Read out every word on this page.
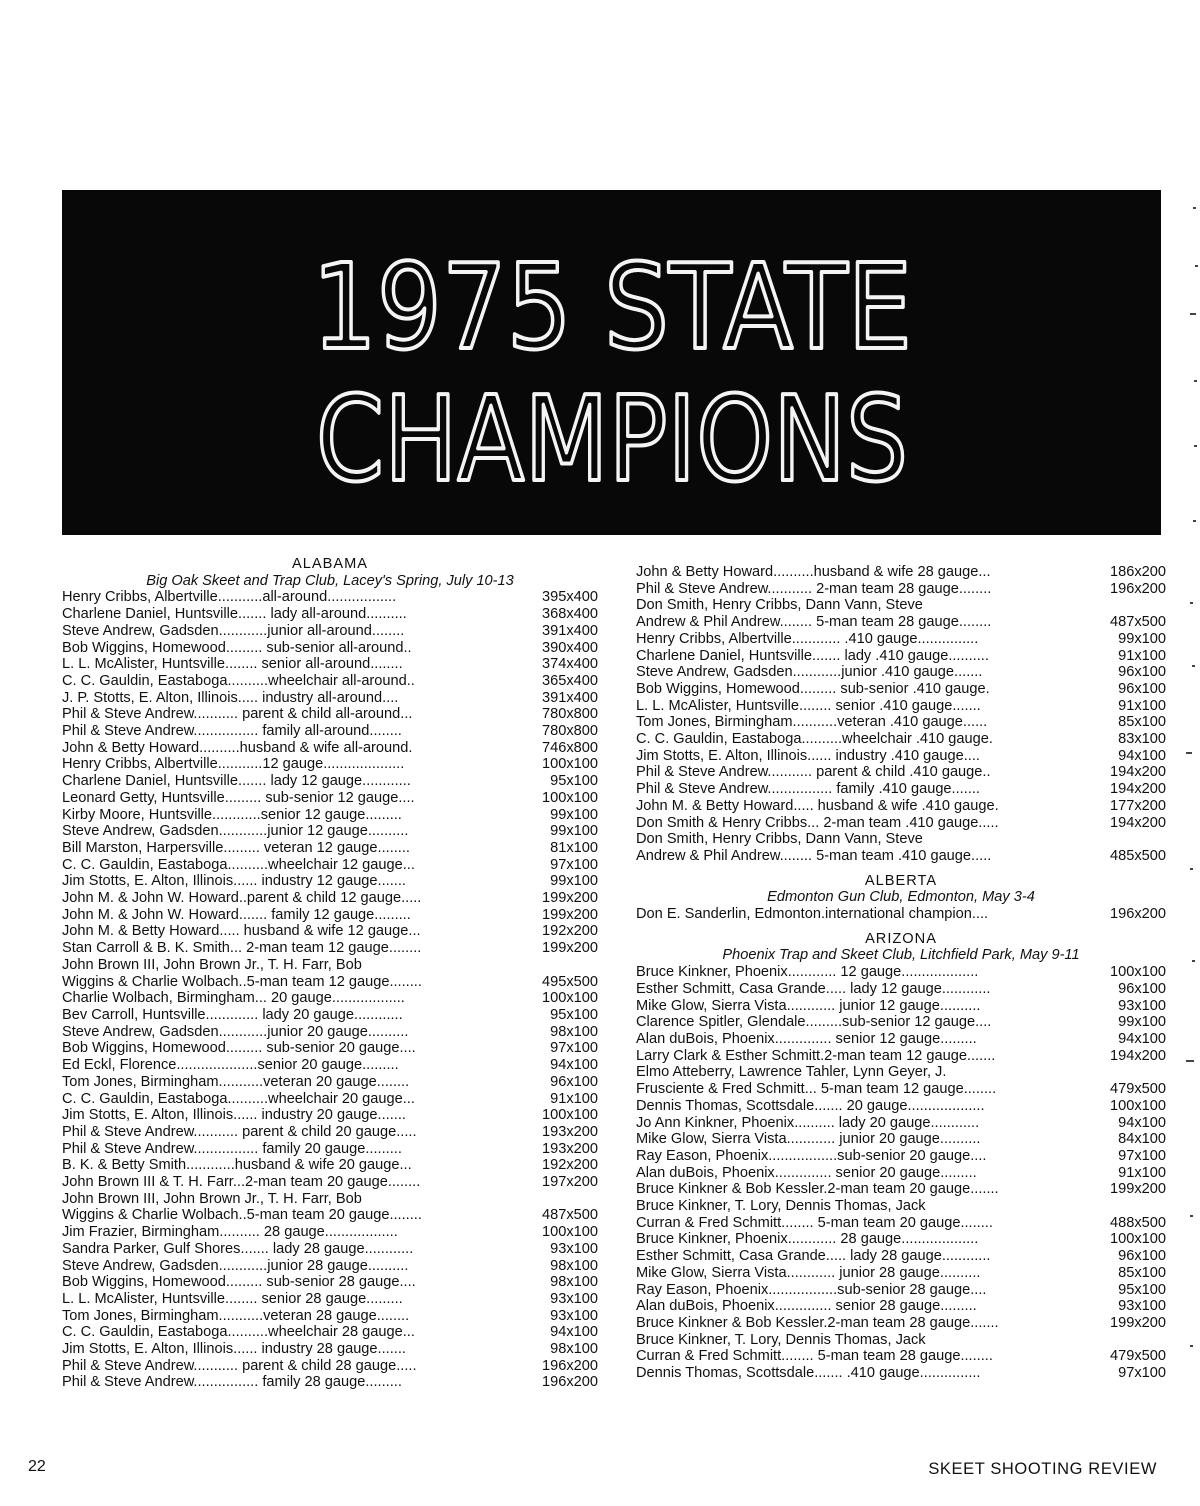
1975 STATE
CHAMPIONS
ALABAMA
Big Oak Skeet and Trap Club, Lacey's Spring, July 10-13
Henry Cribbs, Albertville...........all-around.................	395x400
Charlene Daniel, Huntsville....... lady all-around..........	368x400
Steve Andrew, Gadsden............junior all-around........	391x400
Bob Wiggins, Homewood......... sub-senior all-around..	390x400
L. L. McAlister, Huntsville........ senior all-around........	374x400
C. C. Gauldin, Eastaboga..........wheelchair all-around..	365x400
J. P. Stotts, E. Alton, Illinois..... industry all-around....	391x400
Phil & Steve Andrew........... parent & child all-around...	780x800
Phil & Steve Andrew................ family all-around........	780x800
John & Betty Howard..........husband & wife all-around.	746x800
Henry Cribbs, Albertville...........12 gauge....................	100x100
Charlene Daniel, Huntsville....... lady 12 gauge............	95x100
Leonard Getty, Huntsville......... sub-senior 12 gauge....	100x100
Kirby Moore, Huntsville............senior 12 gauge.........	99x100
Steve Andrew, Gadsden............junior 12 gauge..........	99x100
Bill Marston, Harpersville......... veteran 12 gauge........	81x100
C. C. Gauldin, Eastaboga..........wheelchair 12 gauge...	97x100
Jim Stotts, E. Alton, Illinois...... industry 12 gauge.......	99x100
John M. & John W. Howard..parent & child 12 gauge.....	199x200
John M. & John W. Howard....... family 12 gauge.........	199x200
John M. & Betty Howard..... husband & wife 12 gauge...	192x200
Stan Carroll & B. K. Smith... 2-man team 12 gauge........	199x200
John Brown III, John Brown Jr., T. H. Farr, Bob
Wiggins & Charlie Wolbach..5-man team 12 gauge........	495x500
Charlie Wolbach, Birmingham... 20 gauge..................	100x100
Bev Carroll, Huntsville............. lady 20 gauge............	95x100
Steve Andrew, Gadsden............junior 20 gauge..........	98x100
Bob Wiggins, Homewood......... sub-senior 20 gauge....	97x100
Ed Eckl, Florence....................senior 20 gauge.........	94x100
Tom Jones, Birmingham...........veteran 20 gauge........	96x100
C. C. Gauldin, Eastaboga..........wheelchair 20 gauge...	91x100
Jim Stotts, E. Alton, Illinois...... industry 20 gauge.......	100x100
Phil & Steve Andrew........... parent & child 20 gauge.....	193x200
Phil & Steve Andrew................ family 20 gauge.........	193x200
B. K. & Betty Smith............husband & wife 20 gauge...	192x200
John Brown III & T. H. Farr...2-man team 20 gauge........	197x200
John Brown III, John Brown Jr., T. H. Farr, Bob
Wiggins & Charlie Wolbach..5-man team 20 gauge........	487x500
Jim Frazier, Birmingham.......... 28 gauge..................	100x100
Sandra Parker, Gulf Shores....... lady 28 gauge............	93x100
Steve Andrew, Gadsden............junior 28 gauge..........	98x100
Bob Wiggins, Homewood......... sub-senior 28 gauge....	98x100
L. L. McAlister, Huntsville........ senior 28 gauge.........	93x100
Tom Jones, Birmingham...........veteran 28 gauge........	93x100
C. C. Gauldin, Eastaboga..........wheelchair 28 gauge...	94x100
Jim Stotts, E. Alton, Illinois...... industry 28 gauge.......	98x100
Phil & Steve Andrew........... parent & child 28 gauge.....	196x200
Phil & Steve Andrew................ family 28 gauge.........	196x200
John & Betty Howard..........husband & wife 28 gauge...	186x200
Phil & Steve Andrew........... 2-man team 28 gauge........	196x200
Don Smith, Henry Cribbs, Dann Vann, Steve
Andrew & Phil Andrew........ 5-man team 28 gauge........	487x500
Henry Cribbs, Albertville............ .410 gauge...............	99x100
Charlene Daniel, Huntsville....... lady .410 gauge..........	91x100
Steve Andrew, Gadsden............junior .410 gauge.......	96x100
Bob Wiggins, Homewood......... sub-senior .410 gauge.	96x100
L. L. McAlister, Huntsville........ senior .410 gauge.......	91x100
Tom Jones, Birmingham...........veteran .410 gauge......	85x100
C. C. Gauldin, Eastaboga..........wheelchair .410 gauge.	83x100
Jim Stotts, E. Alton, Illinois...... industry .410 gauge....	94x100
Phil & Steve Andrew........... parent & child .410 gauge..	194x200
Phil & Steve Andrew................ family .410 gauge.......	194x200
John M. & Betty Howard..... husband & wife .410 gauge.	177x200
Don Smith & Henry Cribbs... 2-man team .410 gauge.....	194x200
Don Smith, Henry Cribbs, Dann Vann, Steve
Andrew & Phil Andrew........ 5-man team .410 gauge.....	485x500
ALBERTA
Edmonton Gun Club, Edmonton, May 3-4
Don E. Sanderlin, Edmonton.international champion....	196x200
ARIZONA
Phoenix Trap and Skeet Club, Litchfield Park, May 9-11
Bruce Kinkner, Phoenix............ 12 gauge...................	100x100
Esther Schmitt, Casa Grande..... lady 12 gauge............	96x100
Mike Glow, Sierra Vista............ junior 12 gauge..........	93x100
Clarence Spitler, Glendale.........sub-senior 12 gauge....	99x100
Alan duBois, Phoenix.............. senior 12 gauge.........	94x100
Larry Clark & Esther Schmitt.2-man team 12 gauge.......	194x200
Elmo Atteberry, Lawrence Tahler, Lynn Geyer, J.
Frusciente & Fred Schmitt... 5-man team 12 gauge........	479x500
Dennis Thomas, Scottsdale....... 20 gauge...................	100x100
Jo Ann Kinkner, Phoenix.......... lady 20 gauge............	94x100
Mike Glow, Sierra Vista............ junior 20 gauge..........	84x100
Ray Eason, Phoenix.................sub-senior 20 gauge....	97x100
Alan duBois, Phoenix.............. senior 20 gauge.........	91x100
Bruce Kinkner & Bob Kessler.2-man team 20 gauge.......	199x200
Bruce Kinkner, T. Lory, Dennis Thomas, Jack
Curran & Fred Schmitt........ 5-man team 20 gauge........	488x500
Bruce Kinkner, Phoenix............ 28 gauge...................	100x100
Esther Schmitt, Casa Grande..... lady 28 gauge............	96x100
Mike Glow, Sierra Vista............ junior 28 gauge..........	85x100
Ray Eason, Phoenix.................sub-senior 28 gauge....	95x100
Alan duBois, Phoenix.............. senior 28 gauge.........	93x100
Bruce Kinkner & Bob Kessler.2-man team 28 gauge.......	199x200
Bruce Kinkner, T. Lory, Dennis Thomas, Jack
Curran & Fred Schmitt........ 5-man team 28 gauge........	479x500
Dennis Thomas, Scottsdale....... .410 gauge...............	97x100
22	SKEET SHOOTING REVIEW
